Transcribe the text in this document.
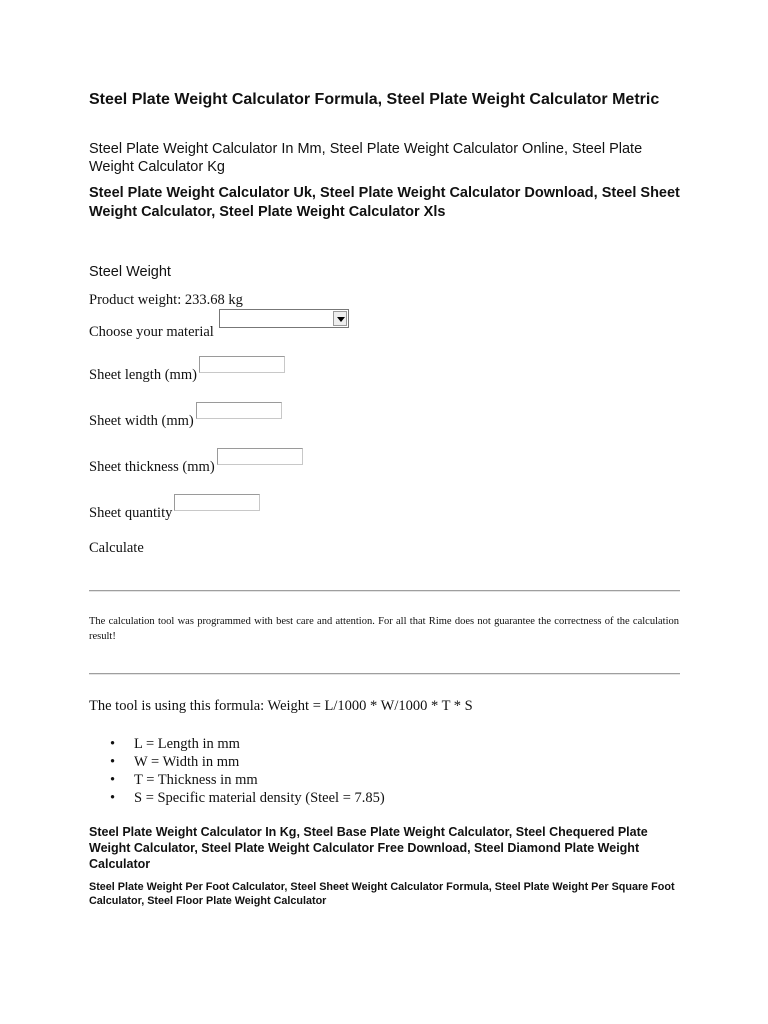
Steel Plate Weight Calculator Formula, Steel Plate Weight Calculator Metric
Steel Plate Weight Calculator In Mm, Steel Plate Weight Calculator Online, Steel Plate Weight Calculator Kg
Steel Plate Weight Calculator Uk, Steel Plate Weight Calculator Download, Steel Sheet Weight Calculator, Steel Plate Weight Calculator Xls
Steel Weight
Product weight: 233.68 kg
Choose your material
Sheet length (mm)
Sheet width (mm)
Sheet thickness (mm)
Sheet quantity
Calculate
The calculation tool was programmed with best care and attention. For all that Rime does not guarantee the correctness of the calculation result!
The tool is using this formula: Weight = L/1000 * W/1000 * T * S
• L = Length in mm
• W = Width in mm
• T = Thickness in mm
• S = Specific material density (Steel = 7.85)
Steel Plate Weight Calculator In Kg, Steel Base Plate Weight Calculator, Steel Chequered Plate Weight Calculator, Steel Plate Weight Calculator Free Download, Steel Diamond Plate Weight Calculator
Steel Plate Weight Per Foot Calculator, Steel Sheet Weight Calculator Formula, Steel Plate Weight Per Square Foot Calculator, Steel Floor Plate Weight Calculator
